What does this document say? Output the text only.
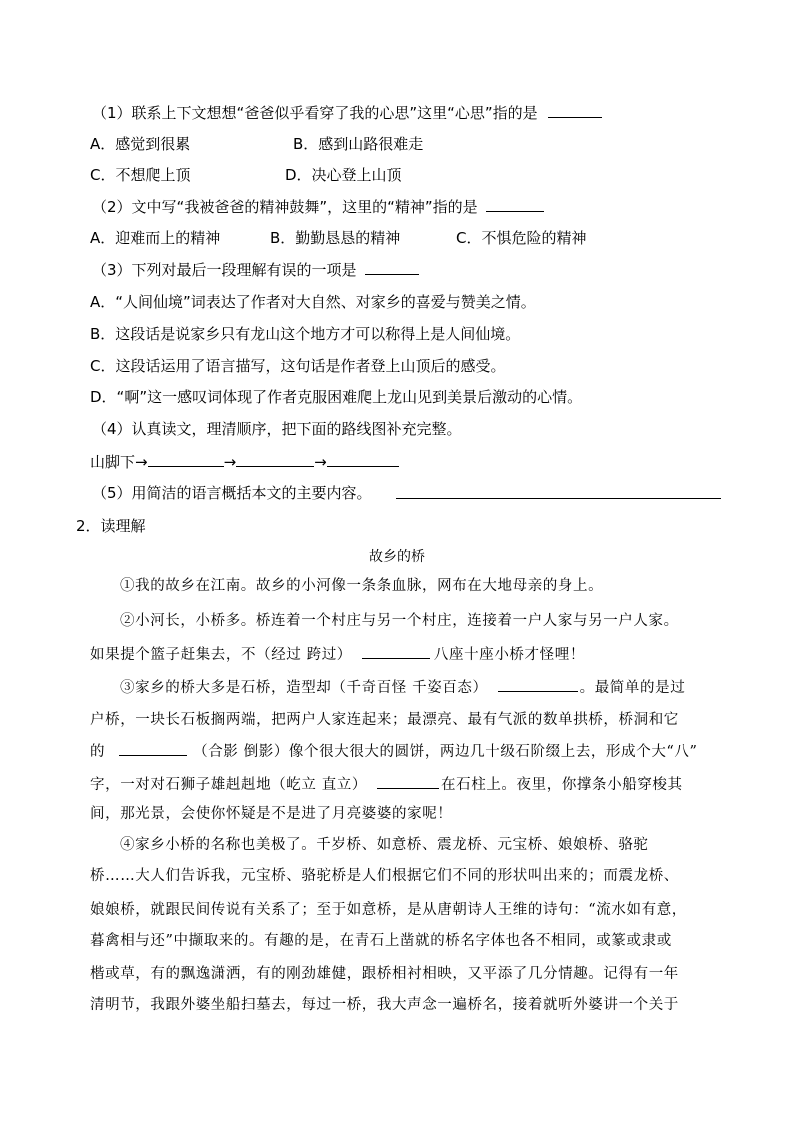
（1）联系上下文想想“爸爸似乎看穿了我的心思”这里“心思”指的是
A．感觉到很累	B．感到山路很难走
C．不想爬上顶	D．决心登上山顶
（2）文中写“我被爸爸的精神鼓舞”，这里的“精神”指的是
A．迎难而上的精神	B．勤勤恳恳的精神	C．不惧危险的精神
（3）下列对最后一段理解有误的一项是
A．“人间仙境”词表达了作者对大自然、对家乡的喜爱与赞美之情。
B．这段话是说家乡只有龙山这个地方才可以称得上是人间仙境。
C．这段话运用了语言描写，这句话是作者登上山顶后的感受。
D．“啊”这一感叹词体现了作者克服困难爬上龙山见到美景后激动的心情。
（4）认真读文，理清顺序，把下面的路线图补充完整。
山脚下→	→	→
（5）用简洁的语言概括本文的主要内容。
2．读理解
故乡的桥
①我的故乡在江南。故乡的小河像一条条血脉，网布在大地母亲的身上。
②小河长，小桥多。桥连着一个村庄与另一个村庄，连接着一户人家与另一户人家。
如果提个篮子赶集去，不（经过 跨过）	八座十座小桥才怪哩！
③家乡的桥大多是石桥，造型却（千奇百怪 千姿百态）	。最简单的是过
户桥，一块长石板搁两端，把两户人家连起来；最漂亮、最有气派的数单拱桥，桥洞和它
的	（合影 倒影）像个很大很大的圆饼，两边几十级石阶缀上去，形成个大“八”
字，一对对石狮子雄赳赳地（屹立 直立）	在石柱上。夜里，你撑条小船穿梭其
间，那光景，会使你怀疑是不是进了月亮婆婆的家呢！
④家乡小桥的名称也美极了。千岁桥、如意桥、震龙桥、元宝桥、娘娘桥、骆驼
桥……大人们告诉我，元宝桥、骆驼桥是人们根据它们不同的形状叫出来的；而震龙桥、
娘娘桥，就跟民间传说有关系了；至于如意桥，是从唐朝诗人王维的诗句：“流水如有意，
暮禽相与还”中撷取来的。有趣的是，在青石上凿就的桥名字体也各不相同，或篆或隶或
楷或草，有的飘逸潇洒，有的刚劲雄健，跟桥相衬相映，又平添了几分情趣。记得有一年
清明节，我跟外婆坐船扫墓去，每过一桥，我大声念一遍桥名，接着就听外婆讲一个关于
